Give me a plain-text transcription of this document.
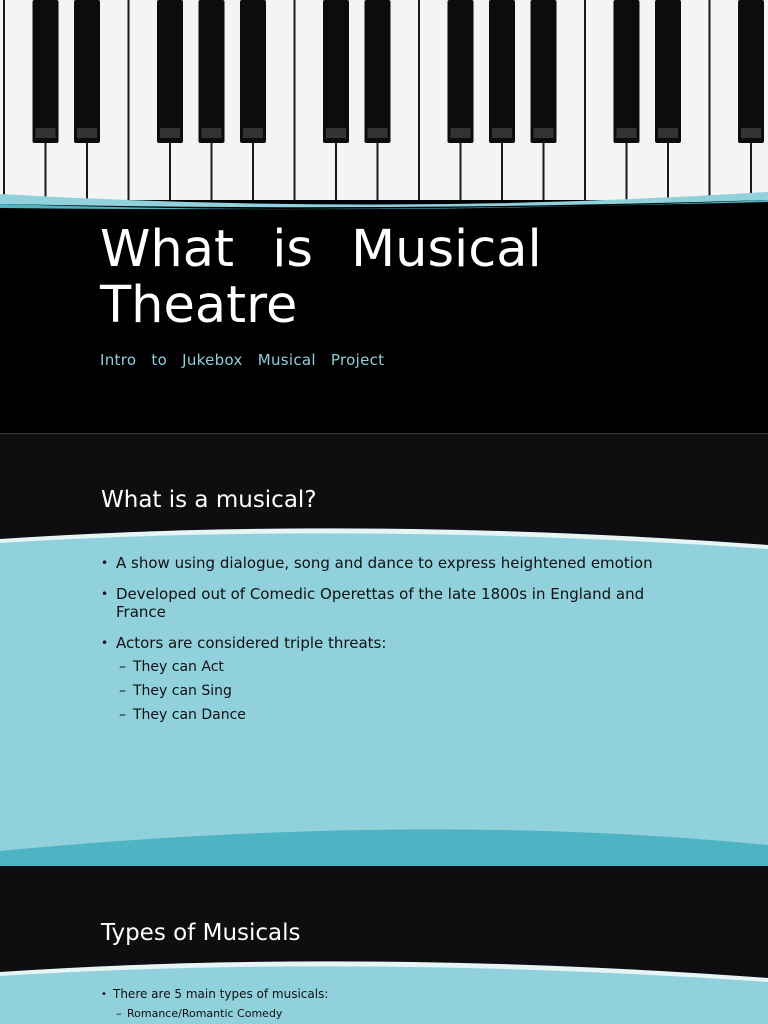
What is Musical
Theatre

Intro to Jukebox Musical Project

What is a musical?
• A show using dialogue, song and dance to express heightened emotion
• Developed out of Comedic Operettas of the late 1800s in England and France
• Actors are considered triple threats:
– They can Act
– They can Sing
– They can Dance
Types of Musicals
• There are 5 main types of musicals:
– Romance/Romantic Comedy
